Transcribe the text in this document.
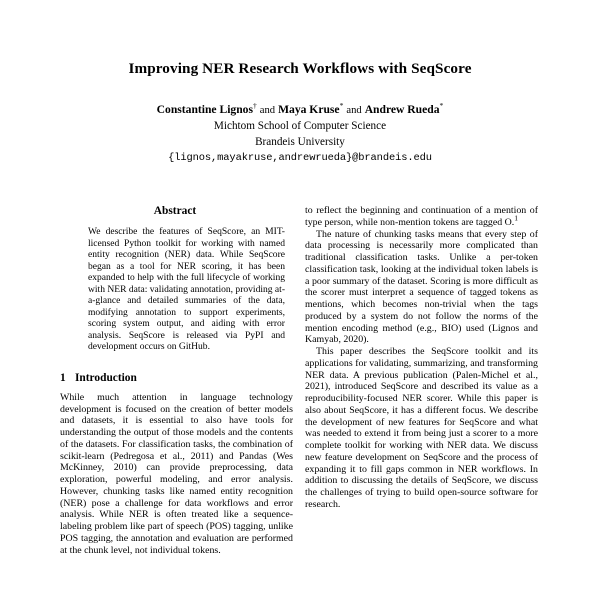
Improving NER Research Workflows with SeqScore
Constantine Lignos† and Maya Kruse* and Andrew Rueda*
Michtom School of Computer Science
Brandeis University
{lignos,mayakruse,andrewrueda}@brandeis.edu
Abstract
We describe the features of SeqScore, an MIT-licensed Python toolkit for working with named entity recognition (NER) data. While SeqScore began as a tool for NER scoring, it has been expanded to help with the full lifecycle of working with NER data: validating annotation, providing at-a-glance and detailed summaries of the data, modifying annotation to support experiments, scoring system output, and aiding with error analysis. SeqScore is released via PyPI and development occurs on GitHub.
1 Introduction

While much attention in language technology development is focused on the creation of better models and datasets, it is essential to also have tools for understanding the output of those models and the contents of the datasets. For classification tasks, the combination of scikit-learn (Pedregosa et al., 2011) and Pandas (Wes McKinney, 2010) can provide preprocessing, data exploration, powerful modeling, and error analysis. However, chunking tasks like named entity recognition (NER) pose a challenge for data workflows and error analysis. While NER is often treated like a sequence-labeling problem like part of speech (POS) tagging, unlike POS tagging, the annotation and evaluation are performed at the chunk level, not individual tokens.

to reflect the beginning and continuation of a mention of type person, while non-mention tokens are tagged O.$^1$

The nature of chunking tasks means that every step of data processing is necessarily more complicated than traditional classification tasks. Unlike a per-token classification task, looking at the individual token labels is a poor summary of the dataset. Scoring is more difficult as the scorer must interpret a sequence of tagged tokens as mentions, which becomes non-trivial when the tags produced by a system do not follow the norms of the mention encoding method (e.g., BIO) used (Lignos and Kamyab, 2020).

This paper describes the SeqScore toolkit and its applications for validating, summarizing, and transforming NER data. A previous publication (Palen-Michel et al., 2021), introduced SeqScore and described its value as a reproducibility-focused NER scorer. While this paper is also about SeqScore, it has a different focus. We describe the development of new features for SeqScore and what was needed to extend it from being just a scorer to a more complete toolkit for working with NER data. We discuss new feature development on SeqScore and the process of expanding it to fill gaps common in NER workflows. In addition to discussing the details of SeqScore, we discuss the challenges of trying to build open-source software for research.
